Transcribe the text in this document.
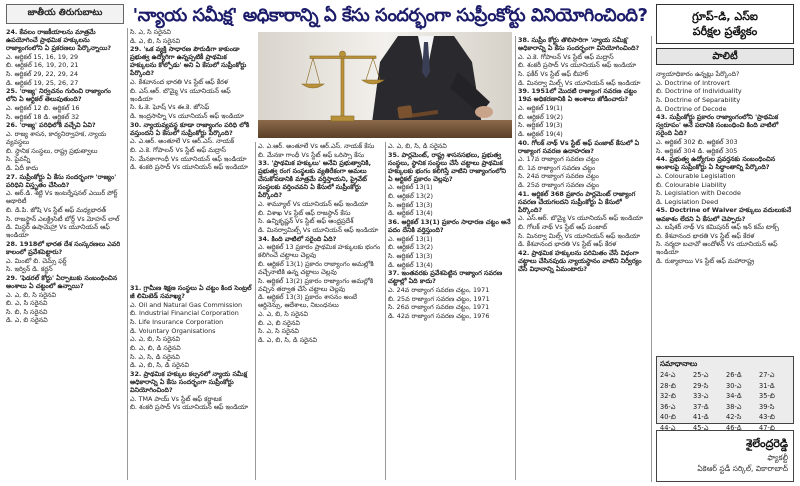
జాతీయ తిరుగుబాటు	'న్యాయ సమీక్ష' అధికారాన్ని ఏ కేసు సందర్భంగా సుప్రీంకోర్టు వినియోగించింది?	గ్రూప్-డి, ఎస్ఐ
పరీక్షల ప్రత్యేకం
పాలిటీ

24. కేవలం రాజకీయాలను మాత్రమే ఉపయోగించే ప్రాథమిక హక్కులను రాజ్యాంగంలోని ఏ ప్రకరణలు పేర్కొన్నాయి?

ఎ. ఆర్టికల్ 15, 16, 19, 29

బి. ఆర్టికల్ 16, 19, 20, 21

సి. ఆర్టికల్ 29, 22, 29, 24

డి. ఆర్టికల్ 19, 25, 26, 27

25. 'రాజ్య' నిర్వచనం గురించి రాజ్యాంగం లోని ఏ ఆర్టికల్ తెలుపుతుంది?

ఎ. ఆర్టికల్ 12 బి. ఆర్టికల్ 16

సి. ఆర్టికల్ 18 డి. ఆర్టికల్ 32

26. 'రాజ్య' పరిధిలోకి వచ్చేవి ఏవి?

ఎ. రాజ్య శాసన, కార్యనిర్వాహక, న్యాయ వ్యవస్థలు

బి. స్థానిక సంస్థలు, రాష్ట్ర ప్రభుత్వాలు

సి. పైవన్నీ

డి. ఏదీ కాదు

27. సుప్రీంకోర్టు ఏ కేసు సందర్భంగా 'రాజ్యం' పరిధిని విస్తృతం చేసింది?

ఎ. ఆర్.డి. శెట్టి Vs ఇంటర్నేషనల్ ఎయిర్ పోర్ట్ అథారిటీ

బి. డి.పి. జోషి Vs స్టేట్ ఆఫ్ మధ్యభారత్

సి. రాజస్థాన్ ఎలక్ట్రిసిటీ బోర్డ్ Vs మోహన్ లాల్

డి. మిస్టర్ ఉషామెహ్రా Vs యూనియన్ ఆఫ్ ఇండియా

28. 1918లో భారత దేశ సంస్కరణలు ఎవరి కాలంలో ప్రవేశపెట్టారు?

ఎ. మింటో బి. చెమ్స్ ఫర్డ్

సి. ఇర్విన్ డి. కర్జన్

29. 'ఫెడరల్ కోర్టు' ఏర్పాటుకు సంబంధించిన అంశాలు ఏ చట్టంలో ఉన్నాయి?

ఎ. ఎ, బి, సి సరైనవి

బి. ఎ, సి సరైనవి

సి. బి, సి సరైనవి

డి. ఎ, బి సరైనవి

సి. ఎ, సి సరైనవి

డి. ఎ, బి, సి సరైనవి

29. 'ఒక వ్యక్తి సాధారణ పౌరుడిగా కాకుండా ప్రభుత్వ ఉద్యోగిగా ఉన్నప్పటికీ ప్రాథమిక హక్కులను కోల్పోడు' అని ఏ కేసులో సుప్రీంకోర్టు పేర్కొంది?

ఎ. కేశవానంద భారతి Vs స్టేట్ ఆఫ్ కేరళ

బి. ఎస్.ఆర్. బొమ్మై Vs యూనియన్ ఆఫ్ ఇండియా

సి. ఓ.కె. ఘోష్ Vs ఈ.కె. జోసెఫ్

డి. ఇంద్రసాహ్ని Vs యూనియన్ ఆఫ్ ఇండియా

30. న్యాయవ్యవస్థ కూడా రాజ్యాంగం పరిధి లోకి వస్తుందని ఏ కేసులో సుప్రీంకోర్టు పేర్కొంది?

ఎ. ఎ.ఆర్. అంతూలే Vs ఆర్.ఎస్. నాయక్

బి. ఎ.కె. గోపాలన్ Vs స్టేట్ ఆఫ్ మద్రాస్

సి. మేనకాగాంధీ Vs యూనియన్ ఆఫ్ ఇండియా

డి. శంకరి ప్రసాద్ Vs యూనియన్ ఆఫ్ ఇండియా

31. గ్రామీణ శిక్షణ సంస్థలు ఏ చట్టం కింద సెంట్రల్ జీ లిమిటెడ్ సమాఖ్య?

ఎ. Oil and Natural Gas Commission

బి. Industrial Financial Corporation

సి. Life Insurance Corporation

డి. Voluntary Organisations

ఎ. ఎ, బి, సి సరైనవి

బి. ఎ, బి, డి సరైనవి

సి. ఎ, సి, డి సరైనవి

డి. ఎ, బి, సి, డి సరైనవి

32. ప్రాథమిక హక్కుల కల్పనలో న్యాయ సమీక్ష అధికారాన్ని ఏ కేసు సందర్భంగా సుప్రీంకోర్టు వినియోగించింది?

ఎ. TMA పాయ్ Vs స్టేట్ ఆఫ్ కర్ణాటక

బి. శంకరి ప్రసాద్ Vs యూనియన్ ఆఫ్ ఇండియా

ఎ. ఎ.ఆర్. అంతూలే Vs ఆర్.ఎస్. నాయక్ కేసు

బి. మేనకా గాంధీ Vs స్టేట్ ఆఫ్ ఒరిస్సా కేసు

33. 'ప్రాథమిక హక్కులు' అనేవి ప్రభుత్వానికి, ప్రభుత్వ రంగ సంస్థలకు వ్యతిరేకంగా అమలు చేసుకోవడానికి మాత్రమే వర్తిస్తాయని, ప్రైవేట్ సంస్థలకు వర్తించవని ఏ కేసులో సుప్రీంకోర్టు పేర్కొంది?

ఎ. శామ్యూల్ Vs యూనియన్ ఆఫ్ ఇండియా

బి. విశాఖ Vs స్టేట్ ఆఫ్ రాజస్థాన్ కేసు

సి. ఉన్నికృష్ణన్ Vs స్టేట్ ఆఫ్ ఆంధ్రప్రదేశ్

డి. మినర్వామిల్స్ Vs యూనియన్ ఆఫ్ ఇండియా

34. కింది వాటిలో సరైంది ఏది?

ఎ. ఆర్టికల్ 13 ప్రకారం ప్రాథమిక హక్కులకు భంగం కలిగించే చట్టాలు చెల్లవు

బి. ఆర్టికల్ 13(1) ప్రకారం రాజ్యాంగం అమల్లోకి వచ్చేనాటికి ఉన్న చట్టాలు చెల్లవు

సి. ఆర్టికల్ 13(2) ప్రకారం రాజ్యాంగం అమల్లోకి వచ్చిన తర్వాత చేసే చట్టాలు చెల్లవు

డి. ఆర్టికల్ 13(3) ప్రకారం శాసనం అంటే ఆర్డినెన్సు, ఆదేశాలు, నిబంధనలు

ఎ. ఎ, బి, సి సరైనవి

బి. ఎ, బి సరైనవి

సి. ఎ, సి సరైనవి

డి. ఎ, బి, సి, డి సరైనవి

ఎ. ఎ, బి, సి, డి సరైనవి

35. పార్లమెంట్, రాష్ట్ర శాసనసభలు, ప్రభుత్వ సంస్థలు, స్థానిక సంస్థలు చేసే చట్టాలు ప్రాథమిక హక్కులకు భంగం కలిగిస్తే వాటిని రాజ్యాంగంలోని ఏ ఆర్టికల్ ప్రకారం చెల్లవు?

ఎ. ఆర్టికల్ 13(1)

బి. ఆర్టికల్ 13(2)

సి. ఆర్టికల్ 13(3)

డి. ఆర్టికల్ 13(4)

36. ఆర్టికల్ 13(1) ప్రకారం సాధారణ చట్టం అనే పదం దేనికి వర్తిస్తుంది?

ఎ. ఆర్టికల్ 13(1)

బి. ఆర్టికల్ 13(2)

సి. ఆర్టికల్ 13(3)

డి. ఆర్టికల్ 13(4)

37. ఇంతవరకు ప్రవేశపెట్టిన రాజ్యాంగ సవరణ చట్టాల్లో ఏది కాదు?

ఎ. 24వ రాజ్యాంగ సవరణ చట్టం, 1971

బి. 25వ రాజ్యాంగ సవరణ చట్టం, 1971

సి. 26వ రాజ్యాంగ సవరణ చట్టం, 1971

డి. 42వ రాజ్యాంగ సవరణ చట్టం, 1976

38. సుప్రీం కోర్టు తొలిసారిగా 'న్యాయ సమీక్ష' అధికారాన్ని ఏ కేసు సందర్భంగా వినియోగించింది?

ఎ. ఎ.కె. గోపాలన్ Vs స్టేట్ ఆఫ్ మద్రాస్

బి. శంకరీ ప్రసాద్ Vs యూనియన్ ఆఫ్ ఇండియా

సి. ఫకీర్ Vs స్టేట్ ఆఫ్ బీహార్

డి. మినర్వా మిల్స్ Vs యూనియన్ ఆఫ్ ఇండియా

39. 1951లో మొదటి రాజ్యాంగ సవరణ చట్టం 19వ అధికరణానికి ఏ అంశాలు జోడించారు?

ఎ. ఆర్టికల్ 19(1)

బి. ఆర్టికల్ 19(2)

సి. ఆర్టికల్ 19(3)

డి. ఆర్టికల్ 19(4)

40. గోలక్ నాథ్ Vs స్టేట్ ఆఫ్ పంజాబ్ కేసులో ఏ రాజ్యాంగ సవరణ ఉదాహరణ?

ఎ. 17వ రాజ్యాంగ సవరణ చట్టం

బి. 1వ రాజ్యాంగ సవరణ చట్టం

సి. 24వ రాజ్యాంగ సవరణ చట్టం

డి. 25వ రాజ్యాంగ సవరణ చట్టం

41. ఆర్టికల్ 368 ప్రకారం పార్లమెంట్ రాజ్యాంగ సవరణ చేయగలదని సుప్రీంకోర్టు ఏ కేసులో పేర్కొంది?

ఎ. ఎస్.ఆర్. బొమ్మై Vs యూనియన్ ఆఫ్ ఇండియా

బి. గోలక్ నాథ్ Vs స్టేట్ ఆఫ్ పంజాబ్

సి. మినర్వా మిల్స్ Vs యూనియన్ ఆఫ్ ఇండియా

డి. కేశవానంద భారతి Vs స్టేట్ ఆఫ్ కేరళ

42. ప్రాథమిక హక్కులను పరిమితం చేసే విధంగా చట్టాలు చేసినపుడు న్యాయస్థానం వాటిని నిర్వీర్యం చేసే విధానాన్ని ఏమంటారు?

న్యాయాధికారం ఉన్నట్లు పేర్కొంది?

ఎ. Doctrine of Introvert

బి. Doctrine of Individuality

సి. Doctrine of Separability

డి. Doctrine of Decode

43. సుప్రీంకోర్టు ప్రకారం రాజ్యాంగంలోని 'ప్రాథమిక స్వరూపం' అనే పదానికి సంబంధించి కింది వాటిలో సరైంది ఏది?

ఎ. ఆర్టికల్ 302 బి. ఆర్టికల్ 303

సి. ఆర్టికల్ 304 డి. ఆర్టికల్ 305

44. ప్రభుత్వ ఉద్యోగుల ప్రవర్తనకు సంబంధించిన అంశాలపై సుప్రీంకోర్టు ఏ సిద్ధాంతాన్ని పేర్కొంది?

ఎ. Colourable Legislation

బి. Colourable Liability

సి. Legislation with Decode

డి. Legislation Deed

45. Doctrine of Waiver హక్కులు వదులుకునే అవకాశం లేదని ఏ కేసులో చెప్పారు?

ఎ. బషేశర్ నాథ్ Vs కమిషనర్ ఆఫ్ ఇన్ కమ్ టాక్స్

బి. కేశవానంద భారతి Vs స్టేట్ ఆఫ్ కేరళ

సి. నర్మదా బచావో ఆందోళన్ Vs యూనియన్ ఆఫ్ ఇండియా

డి. రుక్మాబాయి Vs స్టేట్ ఆఫ్ మహారాష్ట్ర

సమాధానాలు
24-ఎ	25-ఎ	26-డి	27-ఎ
28-బి	29-సి	30-ఎ	31-డి
32-బి	33-ఎ	34-డి	35-బి
36-ఎ	37-డి	38-ఎ	39-సి
40-బి	41-డి	42-సి	43-బి
44-ఎ	45-ఎ	46-డి	47-బి
శైలేంద్రరెడ్డి
ఫ్యాకల్టీ
ఏకెఆర్ స్టడీ సర్కిల్, వికారాబాద్
